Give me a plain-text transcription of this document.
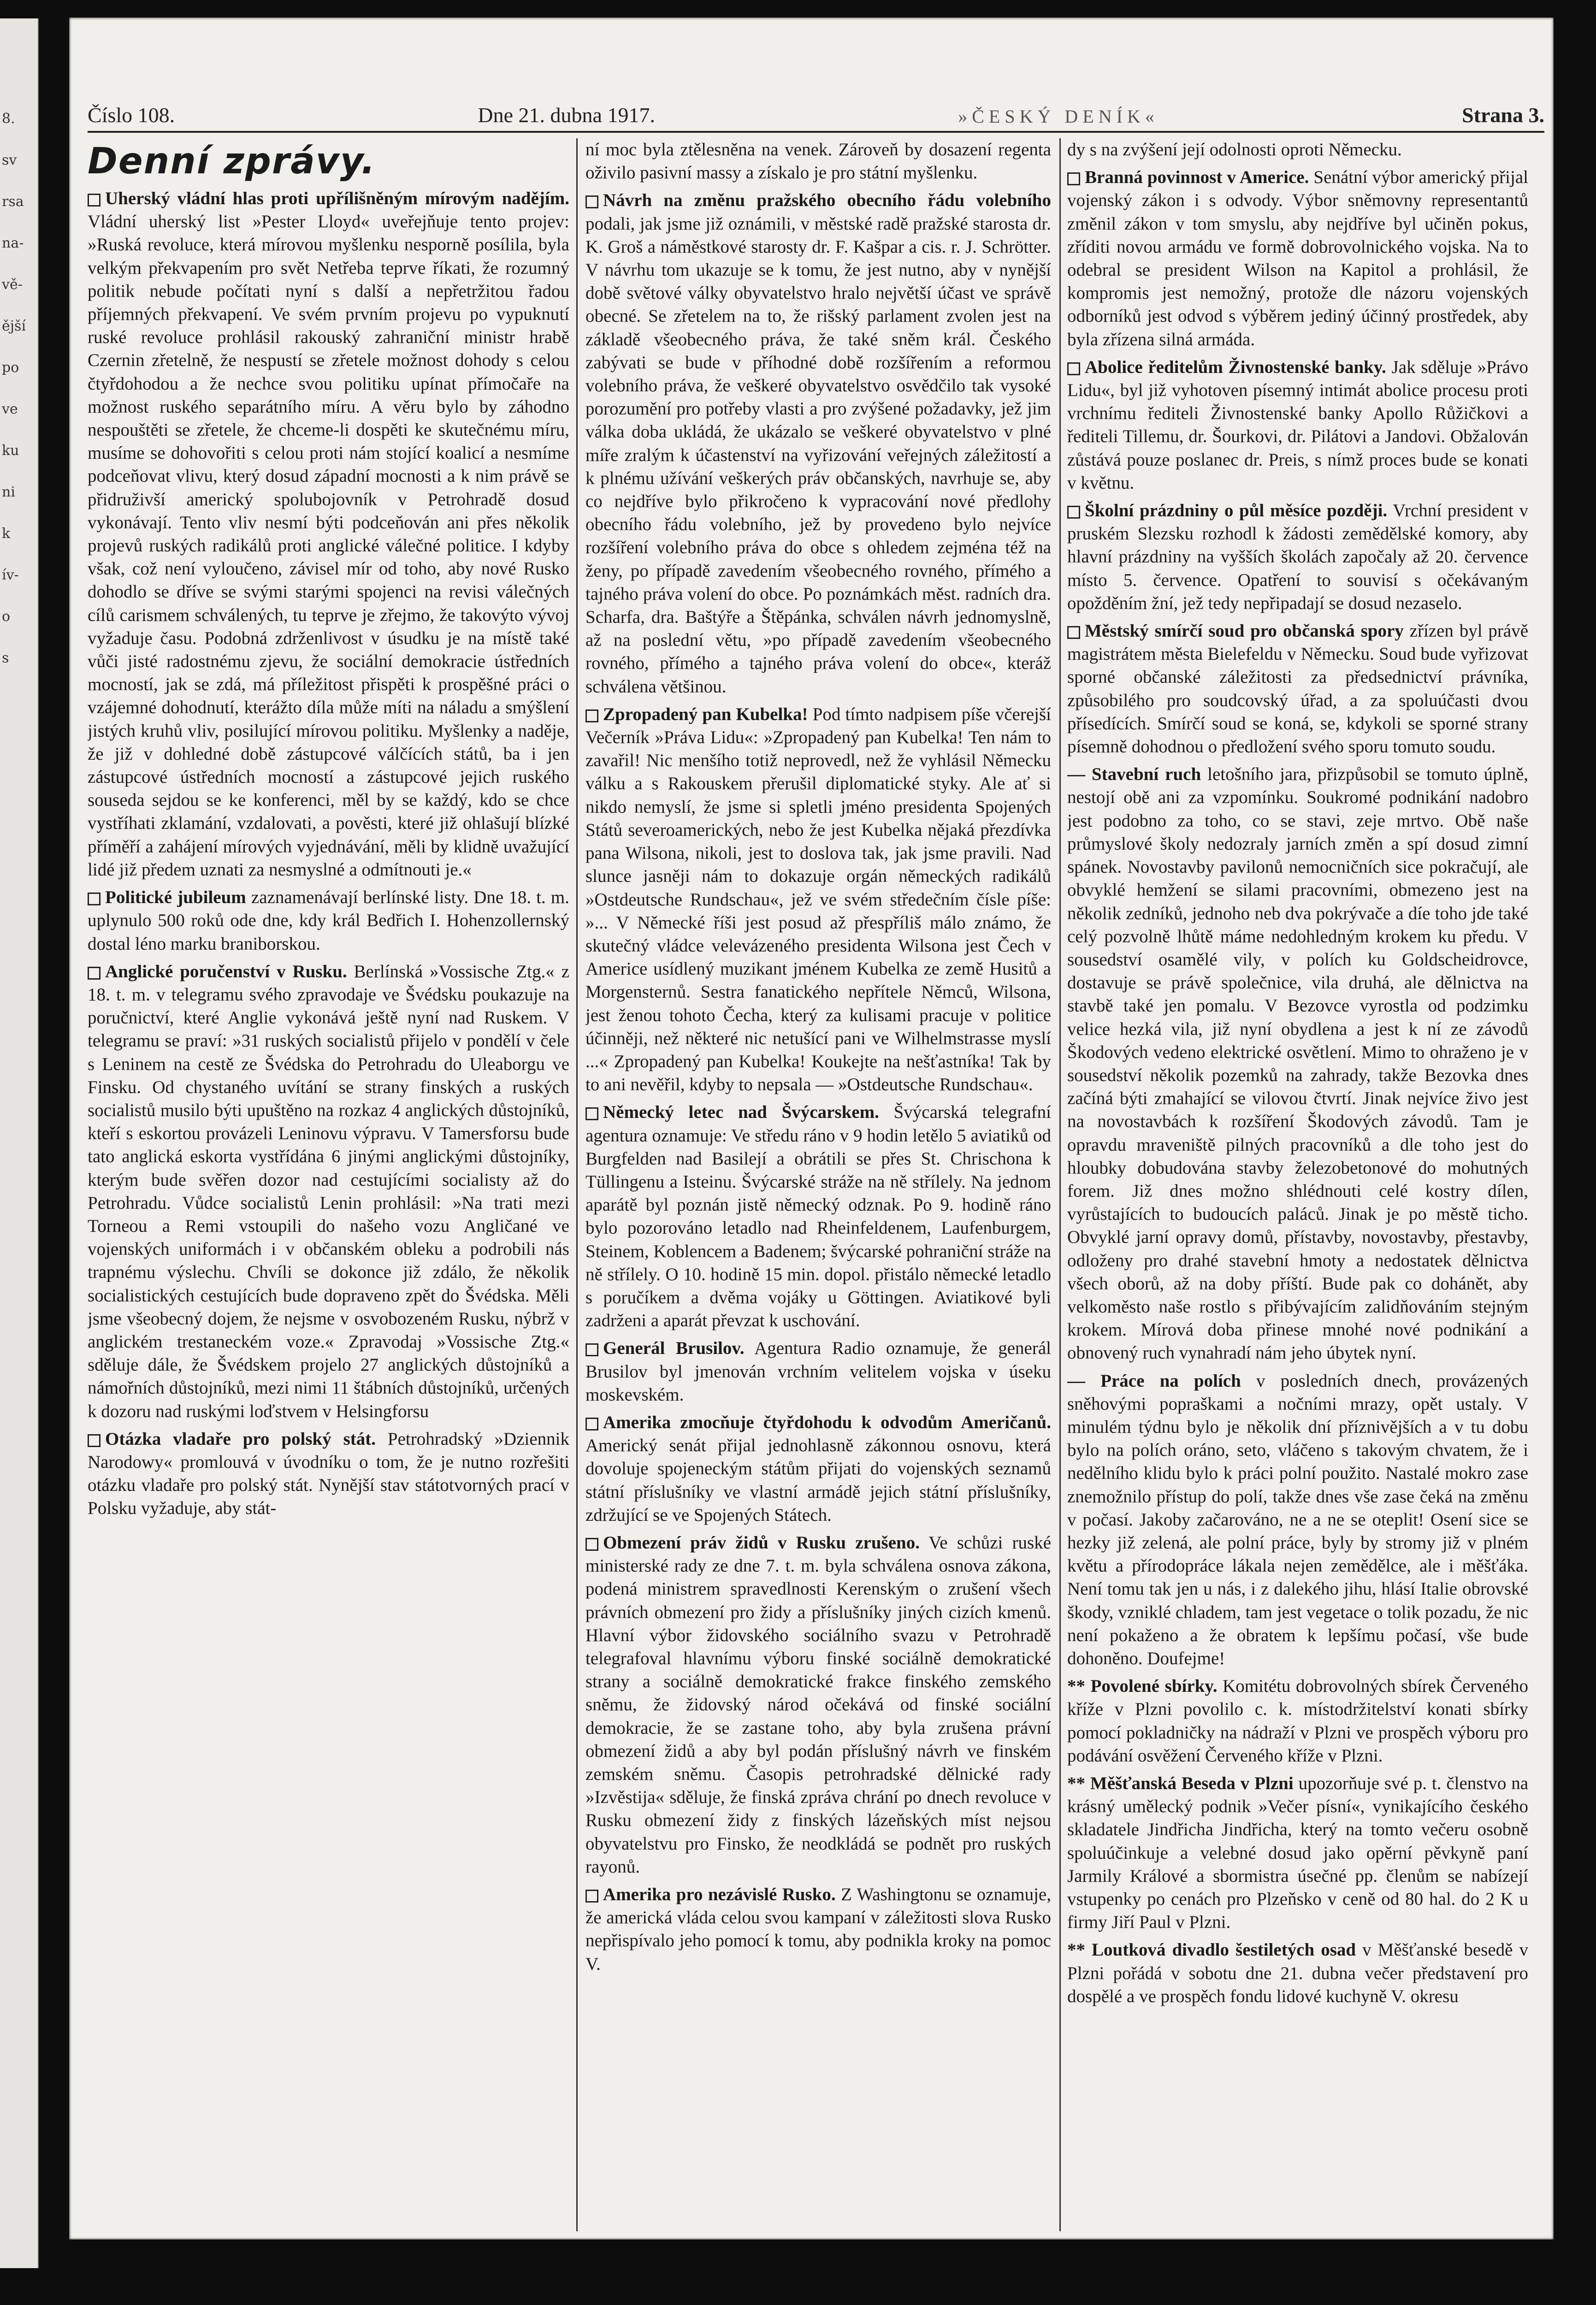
8.
sv
rsa
na-
vě-
ější
po
ve
ku
ni
k
ív-
o
s
Číslo 108.	Dne 21. dubna 1917.	»ČESKÝ DENÍK«	Strana 3.
Denní zprávy.

Uherský vládní hlas proti upřílišněným mírovým nadějím. Vládní uherský list »Pester Lloyd« uveřejňuje tento projev: »Ruská revoluce, která mírovou myšlenku nesporně posílila, byla velkým překvapením pro svět Netřeba teprve říkati, že rozumný politik nebude počítati nyní s další a nepřetržitou řadou příjemných překvapení. Ve svém prvním projevu po vypuknutí ruské revoluce prohlásil rakouský zahraniční ministr hrabě Czernin zřetelně, že nespustí se zřetele možnost dohody s celou čtyřdohodou a že nechce svou politiku upínat přímočaře na možnost ruského separátního míru. A věru bylo by záhodno nespouštěti se zřetele, že chceme-li dospěti ke skutečnému míru, musíme se dohovořiti s celou proti nám stojící koalicí a nesmíme podceňovat vlivu, který dosud západní mocnosti a k nim právě se přidruživší americký spolubojovník v Petrohradě dosud vykonávají. Tento vliv nesmí býti podceňován ani přes několik projevů ruských radikálů proti anglické válečné politice. I kdyby však, což není vyloučeno, závisel mír od toho, aby nové Rusko dohodlo se dříve se svými starými spojenci na revisi válečných cílů carismem schválených, tu teprve je zřejmo, že takovýto vývoj vyžaduje času. Podobná zdrženlivost v úsudku je na místě také vůči jisté radostnému zjevu, že sociální demokracie ústředních mocností, jak se zdá, má příležitost přispěti k prospěšné práci o vzájemné dohodnutí, kterážto díla může míti na náladu a smýšlení jistých kruhů vliv, posilující mírovou politiku. Myšlenky a naděje, že již v dohledné době zástupcové válčících států, ba i jen zástupcové ústředních mocností a zástupcové jejich ruského souseda sejdou se ke konferenci, měl by se každý, kdo se chce vystříhati zklamání, vzdalovati, a pověsti, které již ohlašují blízké příměří a zahájení mírových vyjednávání, měli by klidně uvažující lidé již předem uznati za nesmyslné a odmítnouti je.«

Politické jubileum zaznamenávají berlínské listy. Dne 18. t. m. uplynulo 500 roků ode dne, kdy král Bedřich I. Hohenzollernský dostal léno marku braniborskou.

Anglické poručenství v Rusku. Berlínská »Vossische Ztg.« z 18. t. m. v telegramu svého zpravodaje ve Švédsku poukazuje na poručnictví, které Anglie vykonává ještě nyní nad Ruskem. V telegramu se praví: »31 ruských socialistů přijelo v pondělí v čele s Leninem na cestě ze Švédska do Petrohradu do Uleaborgu ve Finsku. Od chystaného uvítání se strany finských a ruských socialistů musilo býti upuštěno na rozkaz 4 anglických důstojníků, kteří s eskortou provázeli Leninovu výpravu. V Tamersforsu bude tato anglická eskorta vystřídána 6 jinými anglickými důstojníky, kterým bude svěřen dozor nad cestujícími socialisty až do Petrohradu. Vůdce socialistů Lenin prohlásil: »Na trati mezi Torneou a Remi vstoupili do našeho vozu Angličané ve vojenských uniformách i v občanském obleku a podrobili nás trapnému výslechu. Chvíli se dokonce již zdálo, že několik socialistických cestujících bude dopraveno zpět do Švédska. Měli jsme všeobecný dojem, že nejsme v osvobozeném Rusku, nýbrž v anglickém trestaneckém voze.« Zpravodaj »Vossische Ztg.« sděluje dále, že Švédskem projelo 27 anglických důstojníků a námořních důstojníků, mezi nimi 11 štábních důstojníků, určených k dozoru nad ruskými loďstvem v Helsingforsu

Otázka vladaře pro polský stát. Petrohradský »Dziennik Narodowy« promlouvá v úvodníku o tom, že je nutno rozřešiti otázku vladaře pro polský stát. Nynější stav státotvorných prací v Polsku vyžaduje, aby stát-

ní moc byla ztělesněna na venek. Zároveň by dosazení regenta oživilo pasivní massy a získalo je pro státní myšlenku.

Návrh na změnu pražského obecního řádu volebního podali, jak jsme již oznámili, v městské radě pražské starosta dr. K. Groš a náměstkové starosty dr. F. Kašpar a cis. r. J. Schrötter. V návrhu tom ukazuje se k tomu, že jest nutno, aby v nynější době světové války obyvatelstvo hralo největší účast ve správě obecné. Se zřetelem na to, že rišský parlament zvolen jest na základě všeobecného práva, že také sněm král. Českého zabývati se bude v příhodné době rozšířením a reformou volebního práva, že veškeré obyvatelstvo osvědčilo tak vysoké porozumění pro potřeby vlasti a pro zvýšené požadavky, jež jim válka doba ukládá, že ukázalo se veškeré obyvatelstvo v plné míře zralým k účastenství na vyřizování veřejných záležitostí a k plnému užívání veškerých práv občanských, navrhuje se, aby co nejdříve bylo přikročeno k vypracování nové předlohy obecního řádu volebního, jež by provedeno bylo nejvíce rozšíření volebního práva do obce s ohledem zejména též na ženy, po případě zavedením všeobecného rovného, přímého a tajného práva volení do obce. Po poznámkách měst. radních dra. Scharfa, dra. Baštýře a Štěpánka, schválen návrh jednomyslně, až na poslední větu, »po případě zavedením všeobecného rovného, přímého a tajného práva volení do obce«, kteráž schválena většinou.

Zpropadený pan Kubelka! Pod tímto nadpisem píše včerejší Večerník »Práva Lidu«: »Zpropadený pan Kubelka! Ten nám to zavařil! Nic menšího totiž neprovedl, než že vyhlásil Německu válku a s Rakouskem přerušil diplomatické styky. Ale ať si nikdo nemyslí, že jsme si spletli jméno presidenta Spojených Států severoamerických, nebo že jest Kubelka nějaká přezdívka pana Wilsona, nikoli, jest to doslova tak, jak jsme pravili. Nad slunce jasněji nám to dokazuje orgán německých radikálů »Ostdeutsche Rundschau«, jež ve svém středečním čísle píše: »... V Německé říši jest posud až přespříliš málo známo, že skutečný vládce velevázeného presidenta Wilsona jest Čech v Americe usídlený muzikant jménem Kubelka ze země Husitů a Morgensternů. Sestra fanatického nepřítele Němců, Wilsona, jest ženou tohoto Čecha, který za kulisami pracuje v politice účinněji, než některé nic netušící pani ve Wilhelmstrasse myslí ...« Zpropadený pan Kubelka! Koukejte na nešťastníka! Tak by to ani nevěřil, kdyby to nepsala — »Ostdeutsche Rundschau«.

Německý letec nad Švýcarskem. Švýcarská telegrafní agentura oznamuje: Ve středu ráno v 9 hodin letělo 5 aviatiků od Burgfelden nad Basilejí a obrátili se přes St. Chrischona k Tüllingenu a Isteinu. Švýcarské stráže na ně střílely. Na jednom aparátě byl poznán jistě německý odznak. Po 9. hodině ráno bylo pozorováno letadlo nad Rheinfeldenem, Laufenburgem, Steinem, Koblencem a Badenem; švýcarské pohraniční stráže na ně střílely. O 10. hodině 15 min. dopol. přistálo německé letadlo s poručíkem a dvěma vojáky u Göttingen. Aviatikové byli zadrženi a aparát převzat k uschování.

Generál Brusilov. Agentura Radio oznamuje, že generál Brusilov byl jmenován vrchním velitelem vojska v úseku moskevském.

Amerika zmocňuje čtyřdohodu k odvodům Američanů. Americký senát přijal jednohlasně zákonnou osnovu, která dovoluje spojeneckým státům přijati do vojenských seznamů státní příslušníky ve vlastní armádě jejich státní příslušníky, zdržující se ve Spojených Státech.

Obmezení práv židů v Rusku zrušeno. Ve schůzi ruské ministerské rady ze dne 7. t. m. byla schválena osnova zákona, podená ministrem spravedlnosti Kerenským o zrušení všech právních obmezení pro židy a příslušníky jiných cizích kmenů. Hlavní výbor židovského sociálního svazu v Petrohradě telegrafoval hlavnímu výboru finské sociálně demokratické strany a sociálně demokratické frakce finského zemského sněmu, že židovský národ očekává od finské sociální demokracie, že se zastane toho, aby byla zrušena právní obmezení židů a aby byl podán příslušný návrh ve finském zemském sněmu. Časopis petrohradské dělnické rady »Izvěstija« sděluje, že finská zpráva chrání po dnech revoluce v Rusku obmezení židy z finských lázeňských míst nejsou obyvatelstvu pro Finsko, že neodkládá se podnět pro ruských rayonů.

Amerika pro nezávislé Rusko. Z Washingtonu se oznamuje, že americká vláda celou svou kampaní v záležitosti slova Rusko nepřispívalo jeho pomocí k tomu, aby podnikla kroky na pomoc V.

dy s na zvýšení její odolnosti oproti Německu.

Branná povinnost v Americe. Senátní výbor americký přijal vojenský zákon i s odvody. Výbor sněmovny representantů změnil zákon v tom smyslu, aby nejdříve byl učiněn pokus, zříditi novou armádu ve formě dobrovolnického vojska. Na to odebral se president Wilson na Kapitol a prohlásil, že kompromis jest nemožný, protože dle názoru vojenských odborníků jest odvod s výběrem jediný účinný prostředek, aby byla zřízena silná armáda.

Abolice ředitelům Živnostenské banky. Jak sděluje »Právo Lidu«, byl již vyhotoven písemný intimát abolice procesu proti vrchnímu řediteli Živnostenské banky Apollo Růžičkovi a řediteli Tillemu, dr. Šourkovi, dr. Pilátovi a Jandovi. Obžalován zůstává pouze poslanec dr. Preis, s nímž proces bude se konati v květnu.

Školní prázdniny o půl měsíce později. Vrchní president v pruském Slezsku rozhodl k žádosti zemědělské komory, aby hlavní prázdniny na vyšších školách započaly až 20. července místo 5. července. Opatření to souvisí s očekávaným opožděním žní, jež tedy nepřipadají se dosud nezaselo.

Městský smírčí soud pro občanská spory zřízen byl právě magistrátem města Bielefeldu v Německu. Soud bude vyřizovat sporné občanské záležitosti za předsednictví právníka, způsobilého pro soudcovský úřad, a za spoluúčasti dvou přísedících. Smírčí soud se koná, se, kdykoli se sporné strany písemně dohodnou o předložení svého sporu tomuto soudu.

— Stavební ruch letošního jara, přizpůsobil se tomuto úplně, nestojí obě ani za vzpomínku. Soukromé podnikání nadobro jest podobno za toho, co se stavi, zeje mrtvo. Obě naše průmyslové školy nedozraly jarních změn a spí dosud zimní spánek. Novostavby pavilonů nemocničních sice pokračují, ale obvyklé hemžení se silami pracovními, obmezeno jest na několik zedníků, jednoho neb dva pokrývače a díe toho jde také celý pozvolně lhůtě máme nedohledným krokem ku předu. V sousedství osamělé vily, v polích ku Goldscheidrovce, dostavuje se právě společnice, vila druhá, ale dělnictva na stavbě také jen pomalu. V Bezovce vyrostla od podzimku velice hezká vila, již nyní obydlena a jest k ní ze závodů Škodových vedeno elektrické osvětlení. Mimo to ohraženo je v sousedství několik pozemků na zahrady, takže Bezovka dnes začíná býti zmahající se vilovou čtvrtí. Jinak nejvíce živo jest na novostavbách k rozšíření Škodových závodů. Tam je opravdu mraveniště pilných pracovníků a dle toho jest do hloubky dobudována stavby železobetonové do mohutných forem. Již dnes možno shlédnouti celé kostry dílen, vyrůstajících to budoucích paláců. Jinak je po městě ticho. Obvyklé jarní opravy domů, přístavby, novostavby, přestavby, odloženy pro drahé stavební hmoty a nedostatek dělnictva všech oborů, až na doby příští. Bude pak co dohánět, aby velkoměsto naše rostlo s přibývajícím zalidňováním stejným krokem. Mírová doba přinese mnohé nové podnikání a obnovený ruch vynahradí nám jeho úbytek nyní.

— Práce na polích v posledních dnech, provázených sněhovými popraškami a nočními mrazy, opět ustaly. V minulém týdnu bylo je několik dní příznivějších a v tu dobu bylo na polích oráno, seto, vláčeno s takovým chvatem, že i nedělního klidu bylo k práci polní použito. Nastalé mokro zase znemožnilo přístup do polí, takže dnes vše zase čeká na změnu v počasí. Jakoby začarováno, ne a ne se oteplit! Osení sice se hezky již zelená, ale polní práce, byly by stromy již v plném květu a přírodopráce lákala nejen zemědělce, ale i měšťáka. Není tomu tak jen u nás, i z dalekého jihu, hlásí Italie obrovské škody, vzniklé chladem, tam jest vegetace o tolik pozadu, že nic není pokaženo a že obratem k lepšímu počasí, vše bude dohoněno. Doufejme!

** Povolené sbírky. Komitétu dobrovolných sbírek Červeného kříže v Plzni povolilo c. k. místodržitelství konati sbírky pomocí pokladničky na nádraží v Plzni ve prospěch výboru pro podávání osvěžení Červeného kříže v Plzni.

** Měšťanská Beseda v Plzni upozorňuje své p. t. členstvo na krásný umělecký podnik »Večer písní«, vynikajícího českého skladatele Jindřicha Jindřicha, který na tomto večeru osobně spoluúčinkuje a velebné dosud jako opěrní pěvkyně paní Jarmily Králové a sbormistra úsečné pp. členům se nabízejí vstupenky po cenách pro Plzeňsko v ceně od 80 hal. do 2 K u firmy Jiří Paul v Plzni.

** Loutková divadlo šestiletých osad v Měšťanské besedě v Plzni pořádá v sobotu dne 21. dubna večer představení pro dospělé a ve prospěch fondu lidové kuchyně V. okresu
